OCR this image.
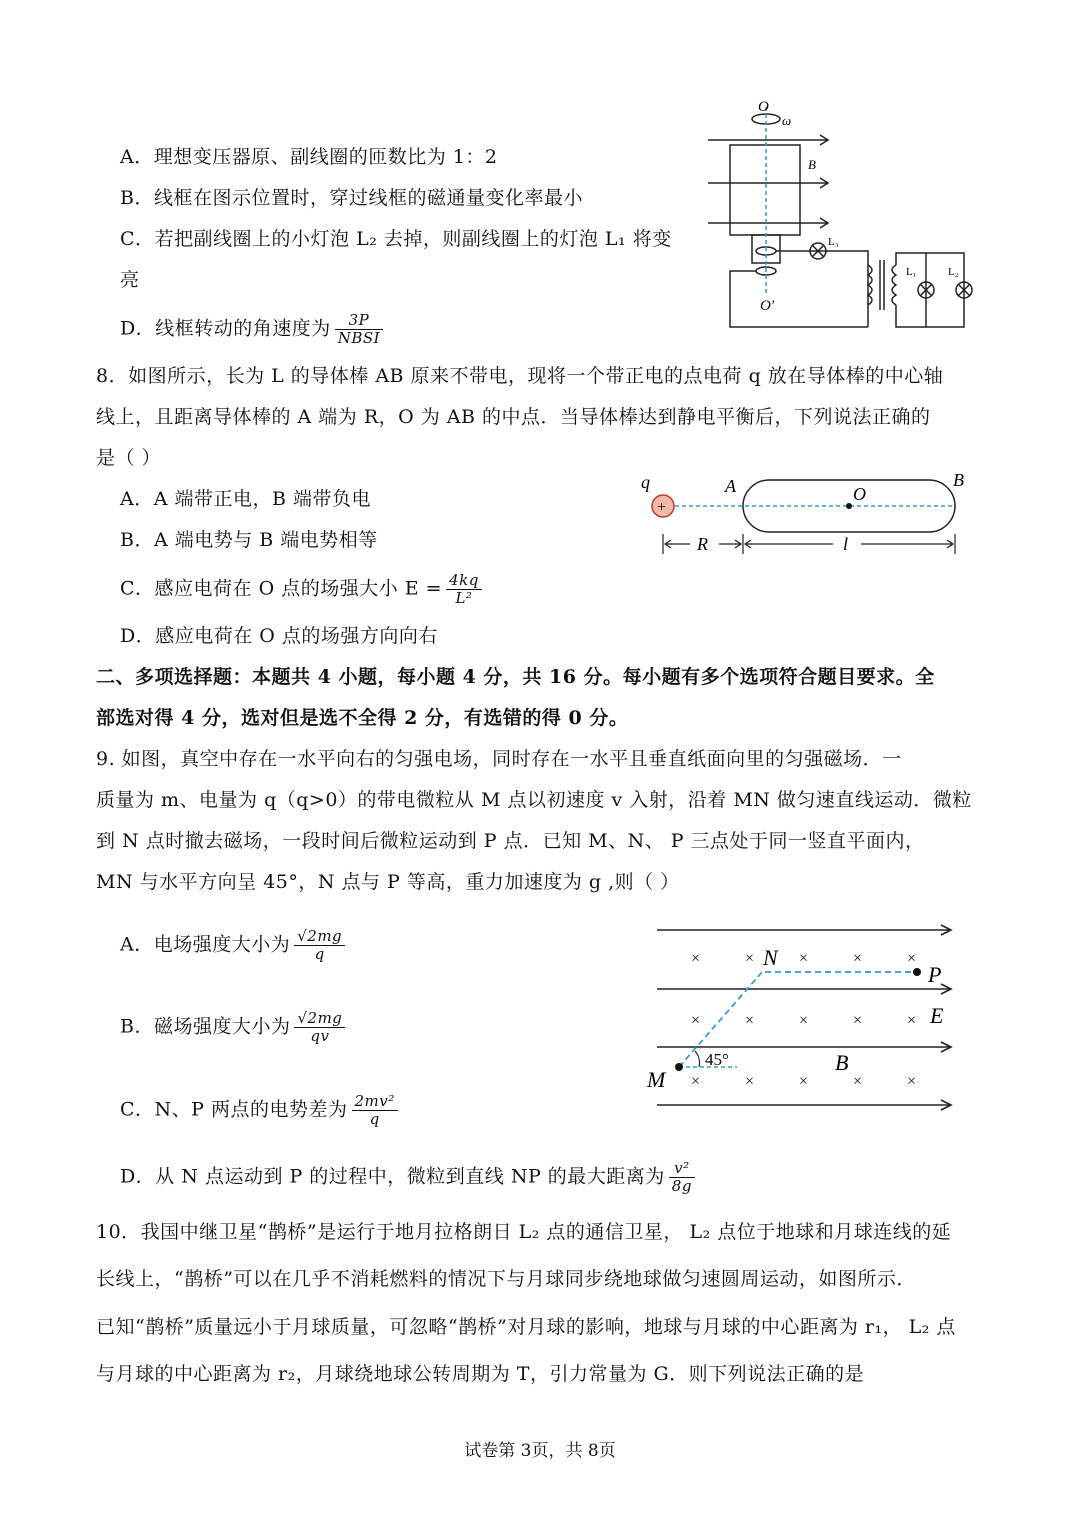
A．理想变压器原、副线圈的匝数比为 1：2
B．线框在图示位置时，穿过线框的磁通量变化率最小
C．若把副线圈上的小灯泡 L₂ 去掉，则副线圈上的灯泡 L₁ 将变
亮
D．线框转动的角速度为 $\frac{3P}{\text{NBSI}}$
O
ω
B
O′
L₃
L₁	L₂
8．如图所示，长为 L 的导体棒 AB 原来不带电，现将一个带正电的点电荷 q 放在导体棒的中心轴
线上，且距离导体棒的 A 端为 R，O 为 AB 的中点．当导体棒达到静电平衡后，下列说法正确的
是（ ）
A．A 端带正电，B 端带负电
B．A 端电势与 B 端电势相等
C．感应电荷在 O 点的场强大小 $E = \frac{4kq}{\text{L²}}$
D．感应电荷在 O 点的场强方向向右
+
q	A	B
O
R	l
二、多项选择题：本题共 4 小题，每小题 4 分，共 16 分。每小题有多个选项符合题目要求。全
部选对得 4 分，选对但是选不全得 2 分，有选错的得 0 分。
9. 如图，真空中存在一水平向右的匀强电场，同时存在一水平且垂直纸面向里的匀强磁场．一
质量为 m、电量为 q（q>0）的带电微粒从 M 点以初速度 v 入射，沿着 MN 做匀速直线运动．微粒
到 N 点时撤去磁场，一段时间后微粒运动到 P 点．已知 M、N、 P 三点处于同一竖直平面内，
MN 与水平方向呈 45°，N 点与 P 等高，重力加速度为 g ,则（ ）
A．电场强度大小为 $\frac{√2mg}{q}$
B．磁场强度大小为 $\frac{√2mg}{qv}$
C．N、P 两点的电势差为 $\frac{\text{2mv²}}{q}$
D．从 N 点运动到 P 的过程中，微粒到直线 NP 的最大距离为 $\frac{\text{v²}}{8g}$
×	×	×	×	×
×	×	×	×	×
×	×	×	×	×
N
P
E
B
M
45°
10．我国中继卫星“鹊桥”是运行于地月拉格朗日 L₂ 点的通信卫星， L₂ 点位于地球和月球连线的延
长线上，“鹊桥”可以在几乎不消耗燃料的情况下与月球同步绕地球做匀速圆周运动，如图所示．
已知“鹊桥”质量远小于月球质量，可忽略“鹊桥”对月球的影响，地球与月球的中心距离为 r₁， L₂ 点
与月球的中心距离为 r₂，月球绕地球公转周期为 T，引力常量为 G．则下列说法正确的是
试卷第 3页，共 8页
